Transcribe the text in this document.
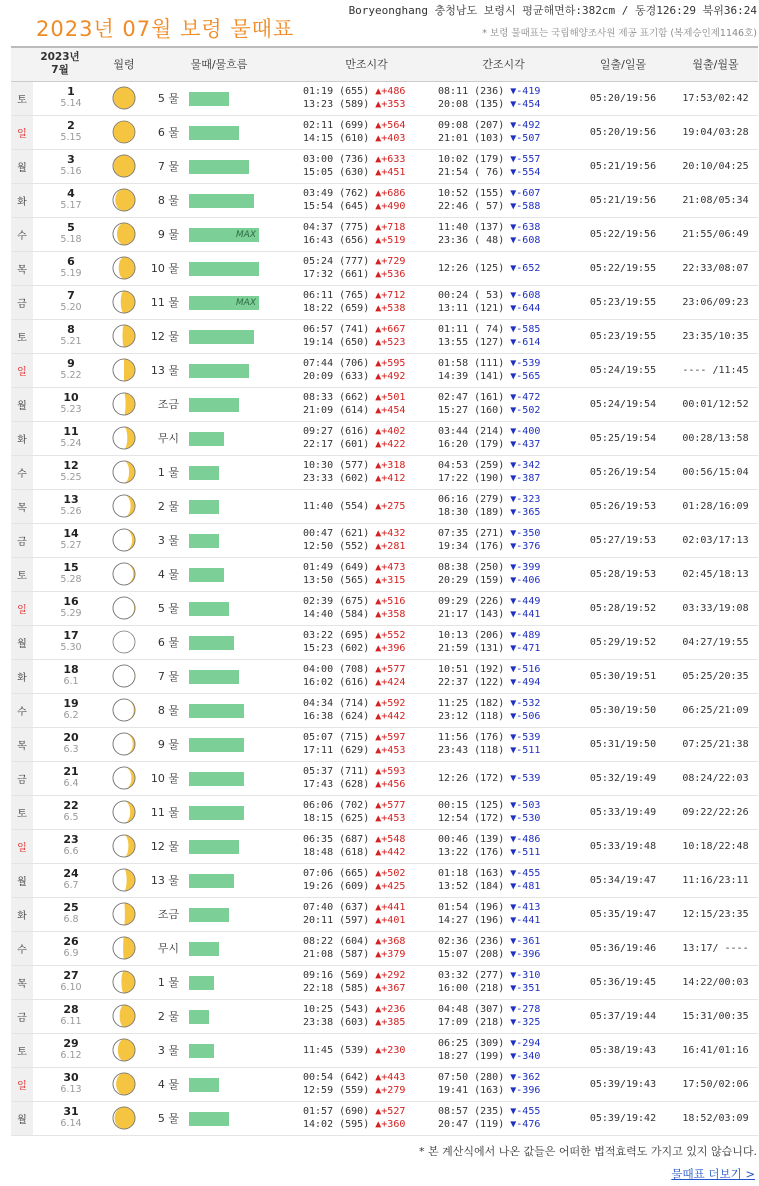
2023년 07월 보령 물때표
Boryeonghang 충청남도 보령시 평균해면하:382cm / 동경126:29 북위36:24
* 보령 물때표는 국립해양조사원 제공 표기함 (복제승인제1146호)
2023년
7월		월령	물때/물흐름	만조시각	간조시각	일출/일몰	월출/월몰
토	1
5.14		5 물	01:19 (655) ▲+486
13:23 (589) ▲+353	08:11 (236) ▼-419
20:08 (135) ▼-454	05:20/19:56	17:53/02:42
일	2
5.15		6 물	02:11 (699) ▲+564
14:15 (610) ▲+403	09:08 (207) ▼-492
21:01 (103) ▼-507	05:20/19:56	19:04/03:28
월	3
5.16		7 물	03:00 (736) ▲+633
15:05 (630) ▲+451	10:02 (179) ▼-557
21:54 ( 76) ▼-554	05:21/19:56	20:10/04:25
화	4
5.17		8 물	03:49 (762) ▲+686
15:54 (645) ▲+490	10:52 (155) ▼-607
22:46 ( 57) ▼-588	05:21/19:56	21:08/05:34
수	5
5.18		9 물 MAX	04:37 (775) ▲+718
16:43 (656) ▲+519	11:40 (137) ▼-638
23:36 ( 48) ▼-608	05:22/19:56	21:55/06:49
목	6
5.19		10 물	05:24 (777) ▲+729
17:32 (661) ▲+536	12:26 (125) ▼-652	05:22/19:55	22:33/08:07
금	7
5.20		11 물 MAX	06:11 (765) ▲+712
18:22 (659) ▲+538	00:24 ( 53) ▼-608
13:11 (121) ▼-644	05:23/19:55	23:06/09:23
토	8
5.21		12 물	06:57 (741) ▲+667
19:14 (650) ▲+523	01:11 ( 74) ▼-585
13:55 (127) ▼-614	05:23/19:55	23:35/10:35
일	9
5.22		13 물	07:44 (706) ▲+595
20:09 (633) ▲+492	01:58 (111) ▼-539
14:39 (141) ▼-565	05:24/19:55	---- /11:45
월	10
5.23		조금	08:33 (662) ▲+501
21:09 (614) ▲+454	02:47 (161) ▼-472
15:27 (160) ▼-502	05:24/19:54	00:01/12:52
화	11
5.24		무시	09:27 (616) ▲+402
22:17 (601) ▲+422	03:44 (214) ▼-400
16:20 (179) ▼-437	05:25/19:54	00:28/13:58
수	12
5.25		1 물	10:30 (577) ▲+318
23:33 (602) ▲+412	04:53 (259) ▼-342
17:22 (190) ▼-387	05:26/19:54	00:56/15:04
목	13
5.26		2 물	11:40 (554) ▲+275	06:16 (279) ▼-323
18:30 (189) ▼-365	05:26/19:53	01:28/16:09
금	14
5.27		3 물	00:47 (621) ▲+432
12:50 (552) ▲+281	07:35 (271) ▼-350
19:34 (176) ▼-376	05:27/19:53	02:03/17:13
토	15
5.28		4 물	01:49 (649) ▲+473
13:50 (565) ▲+315	08:38 (250) ▼-399
20:29 (159) ▼-406	05:28/19:53	02:45/18:13
일	16
5.29		5 물	02:39 (675) ▲+516
14:40 (584) ▲+358	09:29 (226) ▼-449
21:17 (143) ▼-441	05:28/19:52	03:33/19:08
월	17
5.30		6 물	03:22 (695) ▲+552
15:23 (602) ▲+396	10:13 (206) ▼-489
21:59 (131) ▼-471	05:29/19:52	04:27/19:55
화	18
6.1		7 물	04:00 (708) ▲+577
16:02 (616) ▲+424	10:51 (192) ▼-516
22:37 (122) ▼-494	05:30/19:51	05:25/20:35
수	19
6.2		8 물	04:34 (714) ▲+592
16:38 (624) ▲+442	11:25 (182) ▼-532
23:12 (118) ▼-506	05:30/19:50	06:25/21:09
목	20
6.3		9 물	05:07 (715) ▲+597
17:11 (629) ▲+453	11:56 (176) ▼-539
23:43 (118) ▼-511	05:31/19:50	07:25/21:38
금	21
6.4		10 물	05:37 (711) ▲+593
17:43 (628) ▲+456	12:26 (172) ▼-539	05:32/19:49	08:24/22:03
토	22
6.5		11 물	06:06 (702) ▲+577
18:15 (625) ▲+453	00:15 (125) ▼-503
12:54 (172) ▼-530	05:33/19:49	09:22/22:26
일	23
6.6		12 물	06:35 (687) ▲+548
18:48 (618) ▲+442	00:46 (139) ▼-486
13:22 (176) ▼-511	05:33/19:48	10:18/22:48
월	24
6.7		13 물	07:06 (665) ▲+502
19:26 (609) ▲+425	01:18 (163) ▼-455
13:52 (184) ▼-481	05:34/19:47	11:16/23:11
화	25
6.8		조금	07:40 (637) ▲+441
20:11 (597) ▲+401	01:54 (196) ▼-413
14:27 (196) ▼-441	05:35/19:47	12:15/23:35
수	26
6.9		무시	08:22 (604) ▲+368
21:08 (587) ▲+379	02:36 (236) ▼-361
15:07 (208) ▼-396	05:36/19:46	13:17/ ----
목	27
6.10		1 물	09:16 (569) ▲+292
22:18 (585) ▲+367	03:32 (277) ▼-310
16:00 (218) ▼-351	05:36/19:45	14:22/00:03
금	28
6.11		2 물	10:25 (543) ▲+236
23:38 (603) ▲+385	04:48 (307) ▼-278
17:09 (218) ▼-325	05:37/19:44	15:31/00:35
토	29
6.12		3 물	11:45 (539) ▲+230	06:25 (309) ▼-294
18:27 (199) ▼-340	05:38/19:43	16:41/01:16
일	30
6.13		4 물	00:54 (642) ▲+443
12:59 (559) ▲+279	07:50 (280) ▼-362
19:41 (163) ▼-396	05:39/19:43	17:50/02:06
월	31
6.14		5 물	01:57 (690) ▲+527
14:02 (595) ▲+360	08:57 (235) ▼-455
20:47 (119) ▼-476	05:39/19:42	18:52/03:09
* 본 계산식에서 나온 값들은 어떠한 법적효력도 가지고 있지 않습니다.
물때표 더보기 >
